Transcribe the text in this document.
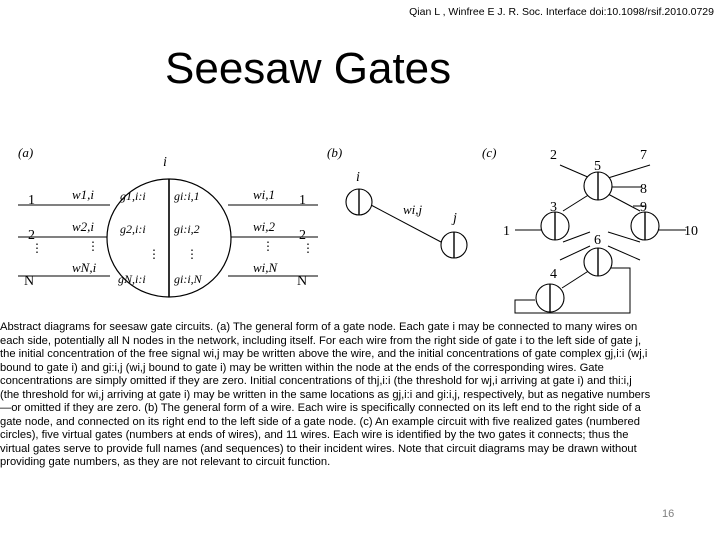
Qian L , Winfree E J. R. Soc. Interface doi:10.1098/rsif.2010.0729
Seesaw Gates
(a)
i
1
2
N
⋮
1
2
N
⋮
w1,i
w2,i
wN,i
⋮
wi,1
wi,2
wi,N
⋮
g1,i:i
g2,i:i
gN,i:i
gi:i,1
gi:i,2
gi:i,N
⋮ ⋮
(b)
i
j
wi,j
(c)	2	7
5
8
3	9
1	10
6
4
Abstract diagrams for seesaw gate circuits. (a) The general form of a gate node. Each gate i may be connected to many wires on
each side, potentially all N nodes in the network, including itself. For each wire from the right side of gate i to the left side of gate j,
the initial concentration of the free signal wi,j may be written above the wire, and the initial concentrations of gate complex gj,i:i (wj,i
bound to gate i) and gi:i,j (wi,j bound to gate i) may be written within the node at the ends of the corresponding wires. Gate
concentrations are simply omitted if they are zero. Initial concentrations of thj,i:i (the threshold for wj,i arriving at gate i) and thi:i,j
(the threshold for wi,j arriving at gate i) may be written in the same locations as gj,i:i and gi:i,j, respectively, but as negative numbers
—or omitted if they are zero. (b) The general form of a wire. Each wire is specifically connected on its left end to the right side of a
gate node, and connected on its right end to the left side of a gate node. (c) An example circuit with five realized gates (numbered
circles), five virtual gates (numbers at ends of wires), and 11 wires. Each wire is identified by the two gates it connects; thus the
virtual gates serve to provide full names (and sequences) to their incident wires. Note that circuit diagrams may be drawn without
providing gate numbers, as they are not relevant to circuit function.
16
